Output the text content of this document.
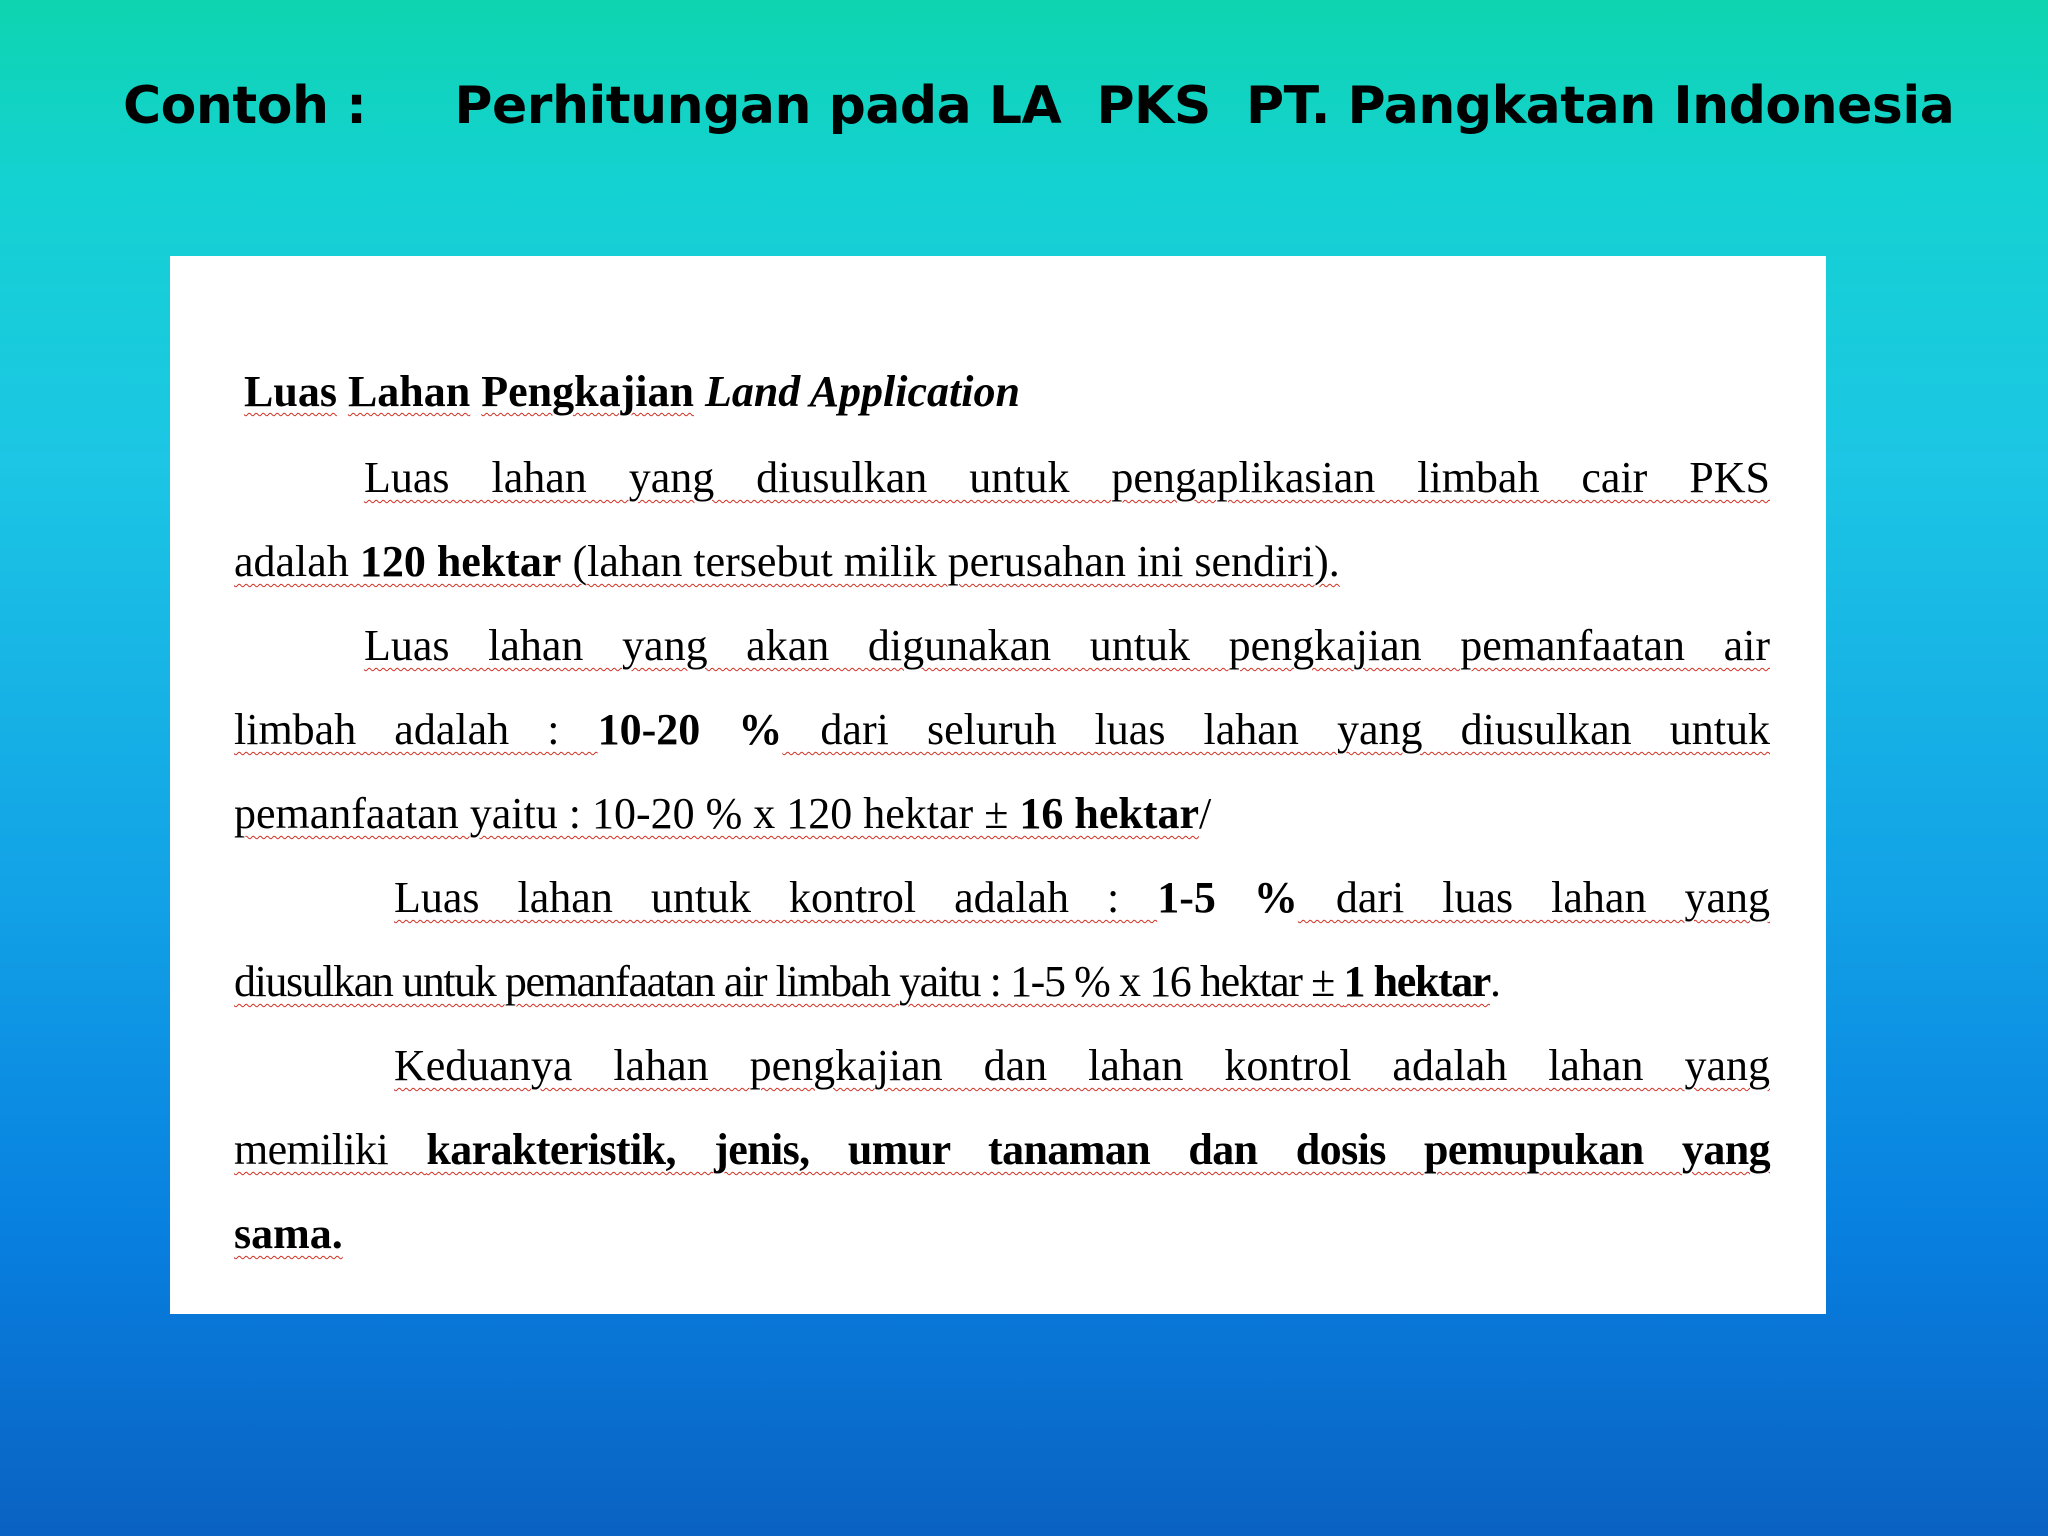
Contoh :     Perhitungan pada LA  PKS  PT. Pangkatan Indonesia
Luas Lahan Pengkajian Land Application
Luas lahan yang diusulkan untuk pengaplikasian limbah cair PKS
adalah 120 hektar (lahan tersebut milik perusahan ini sendiri).
Luas lahan yang akan digunakan untuk pengkajian pemanfaatan air
limbah adalah : 10-20 % dari seluruh luas lahan yang diusulkan untuk
pemanfaatan yaitu : 10-20 % x 120 hektar ± 16 hektar/
Luas lahan untuk kontrol adalah : 1-5 % dari luas lahan yang
diusulkan untuk pemanfaatan air limbah yaitu : 1-5 % x 16 hektar ± 1 hektar.
Keduanya lahan pengkajian dan lahan kontrol adalah lahan yang
memiliki karakteristik, jenis, umur tanaman dan dosis pemupukan yang
sama.
